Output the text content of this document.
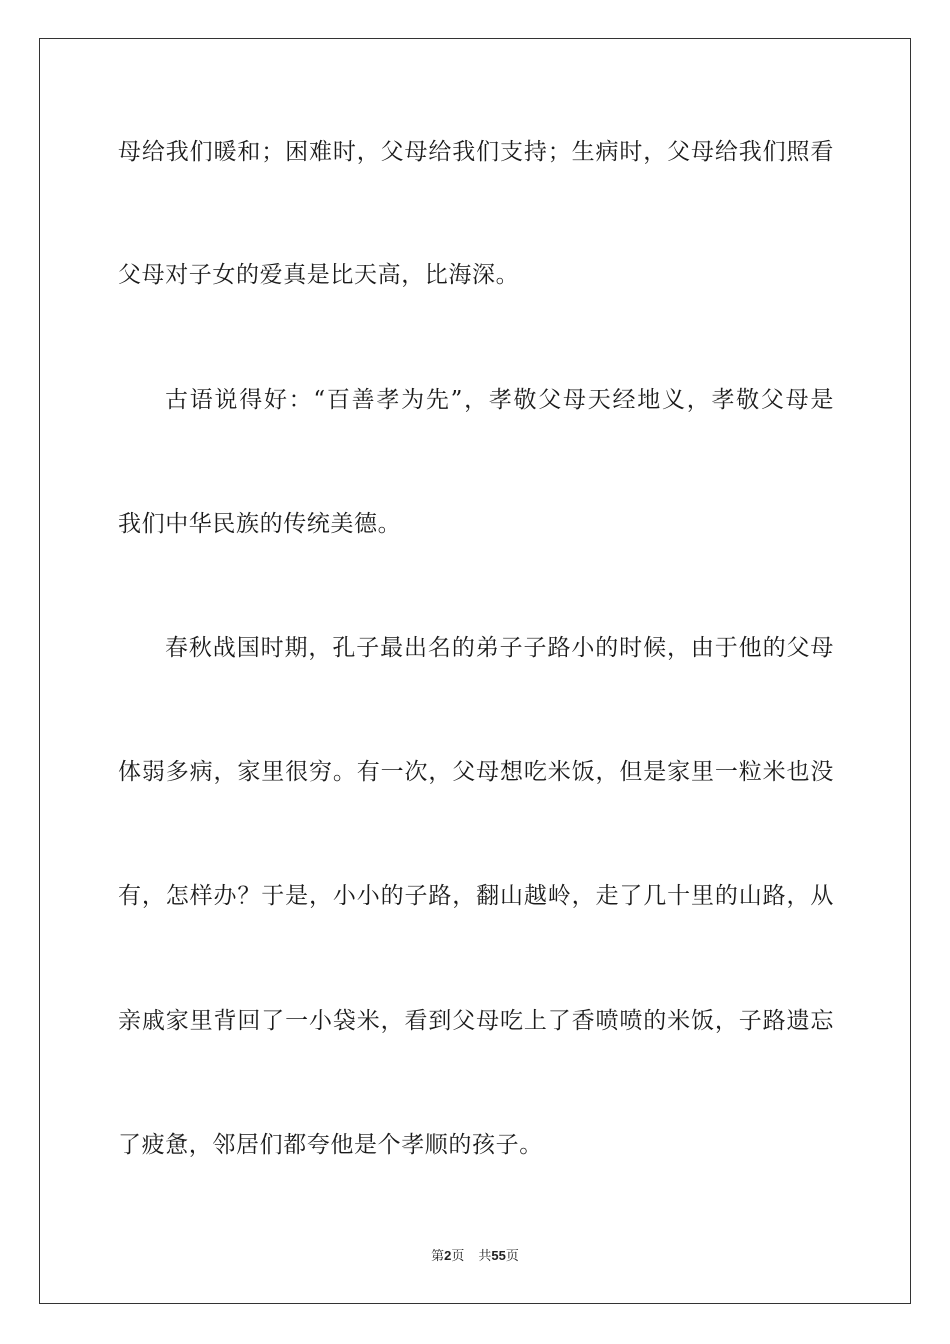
母给我们暖和；困难时，父母给我们支持；生病时，父母给我们照看
父母对子女的爱真是比天高，比海深。
古语说得好：“百善孝为先”，孝敬父母天经地义，孝敬父母是
我们中华民族的传统美德。
春秋战国时期，孔子最出名的弟子子路小的时候，由于他的父母
体弱多病，家里很穷。有一次，父母想吃米饭，但是家里一粒米也没
有，怎样办？于是，小小的子路，翻山越岭，走了几十里的山路，从
亲戚家里背回了一小袋米，看到父母吃上了香喷喷的米饭，子路遗忘
了疲惫，邻居们都夸他是个孝顺的孩子。
第2页 共55页
